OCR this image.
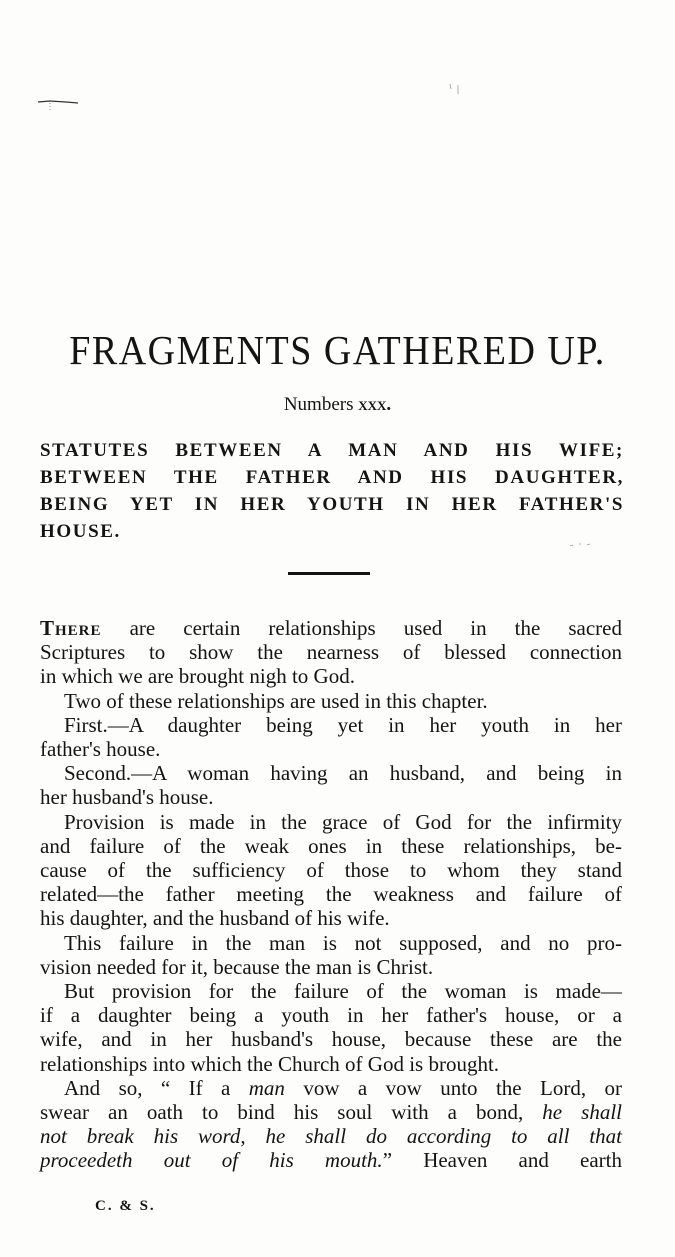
FRAGMENTS GATHERED UP.
Numbers xxx.
STATUTES BETWEEN A MAN AND HIS WIFE;
BETWEEN THE FATHER AND HIS DAUGHTER,
BEING YET IN HER YOUTH IN HER FATHER'S
HOUSE.
There are certain relationships used in the sacred
Scriptures to show the nearness of blessed connection
in which we are brought nigh to God.
Two of these relationships are used in this chapter.
First.—A daughter being yet in her youth in her
father's house.
Second.—A woman having an husband, and being in
her husband's house.
Provision is made in the grace of God for the infirmity
and failure of the weak ones in these relationships, be-
cause of the sufficiency of those to whom they stand
related—the father meeting the weakness and failure of
his daughter, and the husband of his wife.
This failure in the man is not supposed, and no pro-
vision needed for it, because the man is Christ.
But provision for the failure of the woman is made—
if a daughter being a youth in her father's house, or a
wife, and in her husband's house, because these are the
relationships into which the Church of God is brought.
And so, “ If a man vow a vow unto the Lord, or
swear an oath to bind his soul with a bond, he shall
not break his word, he shall do according to all that
proceedeth out of his mouth.” Heaven and earth
C. & S.
